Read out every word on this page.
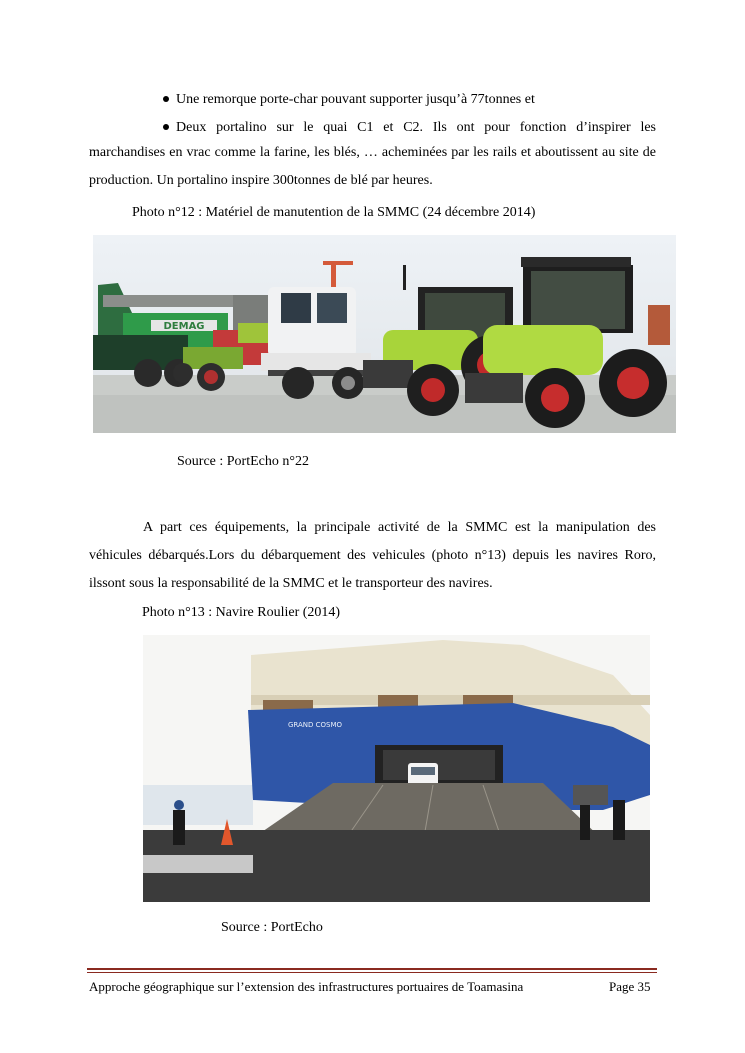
Une remorque porte-char pouvant supporter jusqu’à 77tonnes et
Deux portalino sur le quai C1 et C2. Ils ont pour fonction d’inspirer les
marchandises en vrac comme la farine, les blés, … acheminées par les rails et aboutissent au site de production. Un portalino inspire 300tonnes de blé par heures.
Photo n°12 : Matériel de manutention de la SMMC (24 décembre 2014)
DEMAG
Source : PortEcho n°22
A part ces équipements, la principale activité de la SMMC est la manipulation des véhicules débarqués.Lors du débarquement des vehicules (photo n°13) depuis les navires Roro, ilssont sous la responsabilité de la SMMC et le transporteur des navires.
Photo n°13 : Navire Roulier (2014)
GRAND COSMO
Source : PortEcho
Approche géographique sur l’extension des infrastructures portuaires de Toamasina	Page 35
